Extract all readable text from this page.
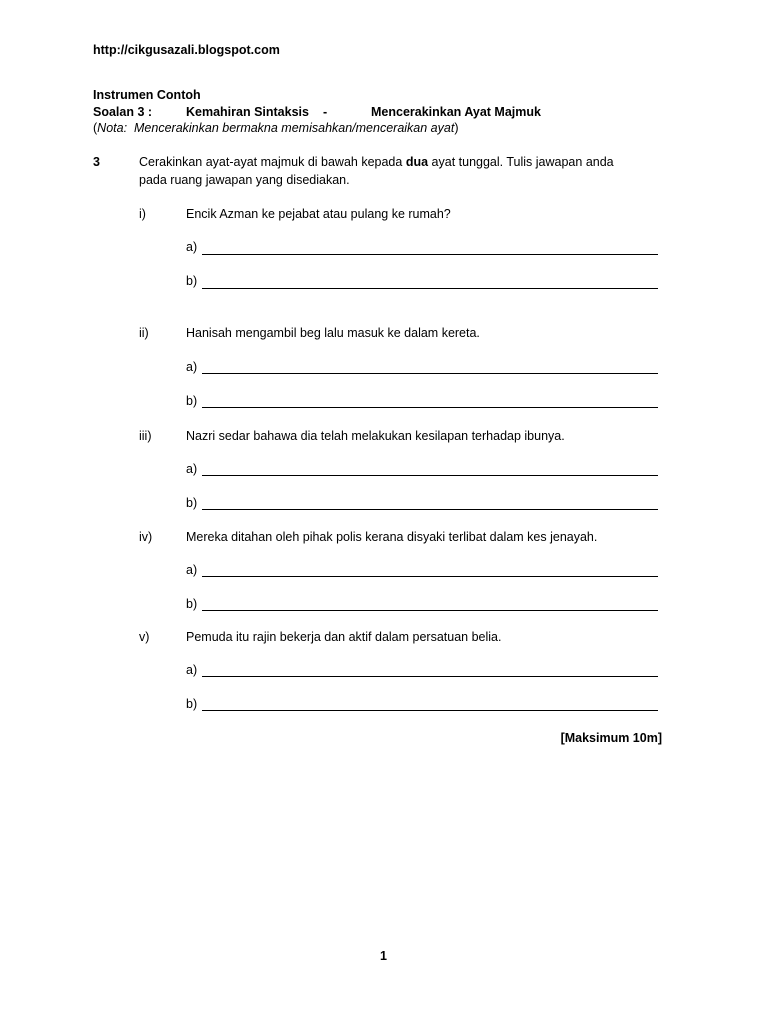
http://cikgusazali.blogspot.com
Instrumen Contoh
Soalan 3 :	Kemahiran Sintaksis -	Mencerakinkan Ayat Majmuk
(Nota: Mencerakinkan bermakna memisahkan/menceraikan ayat)
3	Cerakinkan ayat-ayat majmuk di bawah kepada dua ayat tunggal. Tulis jawapan anda
pada ruang jawapan yang disediakan.
i)	Encik Azman ke pejabat atau pulang ke rumah?
a)
b)
ii)	Hanisah mengambil beg lalu masuk ke dalam kereta.
a)
b)
iii)	Nazri sedar bahawa dia telah melakukan kesilapan terhadap ibunya.
a)
b)
iv)	Mereka ditahan oleh pihak polis kerana disyaki terlibat dalam kes jenayah.
a)
b)
v)	Pemuda itu rajin bekerja dan aktif dalam persatuan belia.
a)
b)
[Maksimum 10m]
1
